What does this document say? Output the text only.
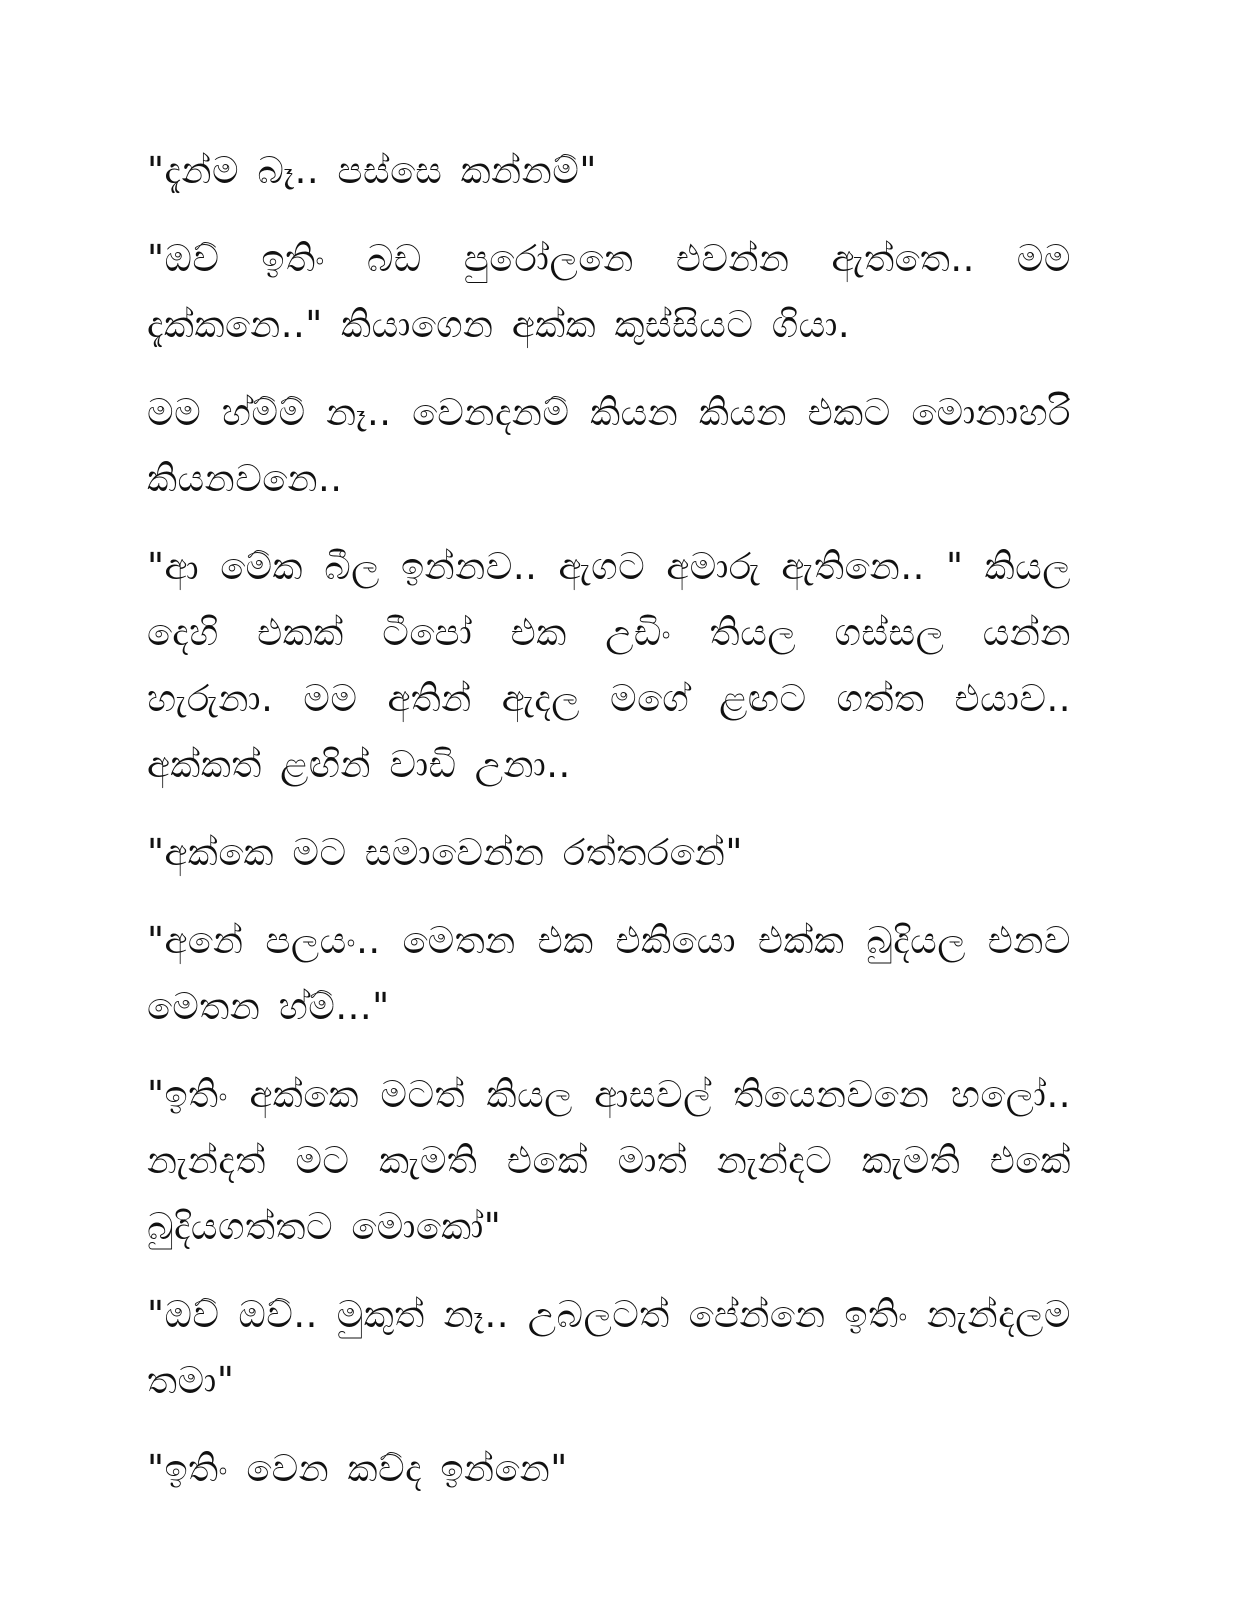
"දැන්ම බෑ.. පස්සෙ කන්නම්"

"ඔව් ඉතිං බඩ පුරෝලනෙ එවන්න ඇත්තෙ.. මම දැක්කනෙ.." කියාගෙන අක්ක කුස්සියට ගියා.

මම හ්ම්ම් නෑ.. වෙනදනම් කියන කියන එකට මොනාහරි කියනවනෙ..

"ආ මේක බීල ඉන්නව.. ඇගට අමාරු ඇතිනෙ.. " කියල දෙහි එකක් ටීපෝ එක උඩිං තියල ගස්සල යන්න හැරුනා. මම අතින් ඇදල මගේ ළඟට ගත්ත එයාව.. අක්කත් ළඟින් වාඩි උනා..

"අක්කෙ මට සමාවෙන්න රත්තරනේ"

"අනේ පලයං.. මෙතන එක එකියො එක්ක බුදියල එනව මෙතන හ්ම්..."

"ඉතිං අක්කෙ මටත් කියල ආසවල් තියෙනවනෙ හලෝ.. නැන්දත් මට කැමති එකේ මාත් නැන්දට කැමති එකේ බුදියගත්තට මොකෝ"

"ඔව් ඔව්.. මුකුත් නෑ.. උබලටත් පේන්නෙ ඉතිං නැන්දලම තමා"

"ඉතිං වෙන කව්ද ඉන්නෙ"
